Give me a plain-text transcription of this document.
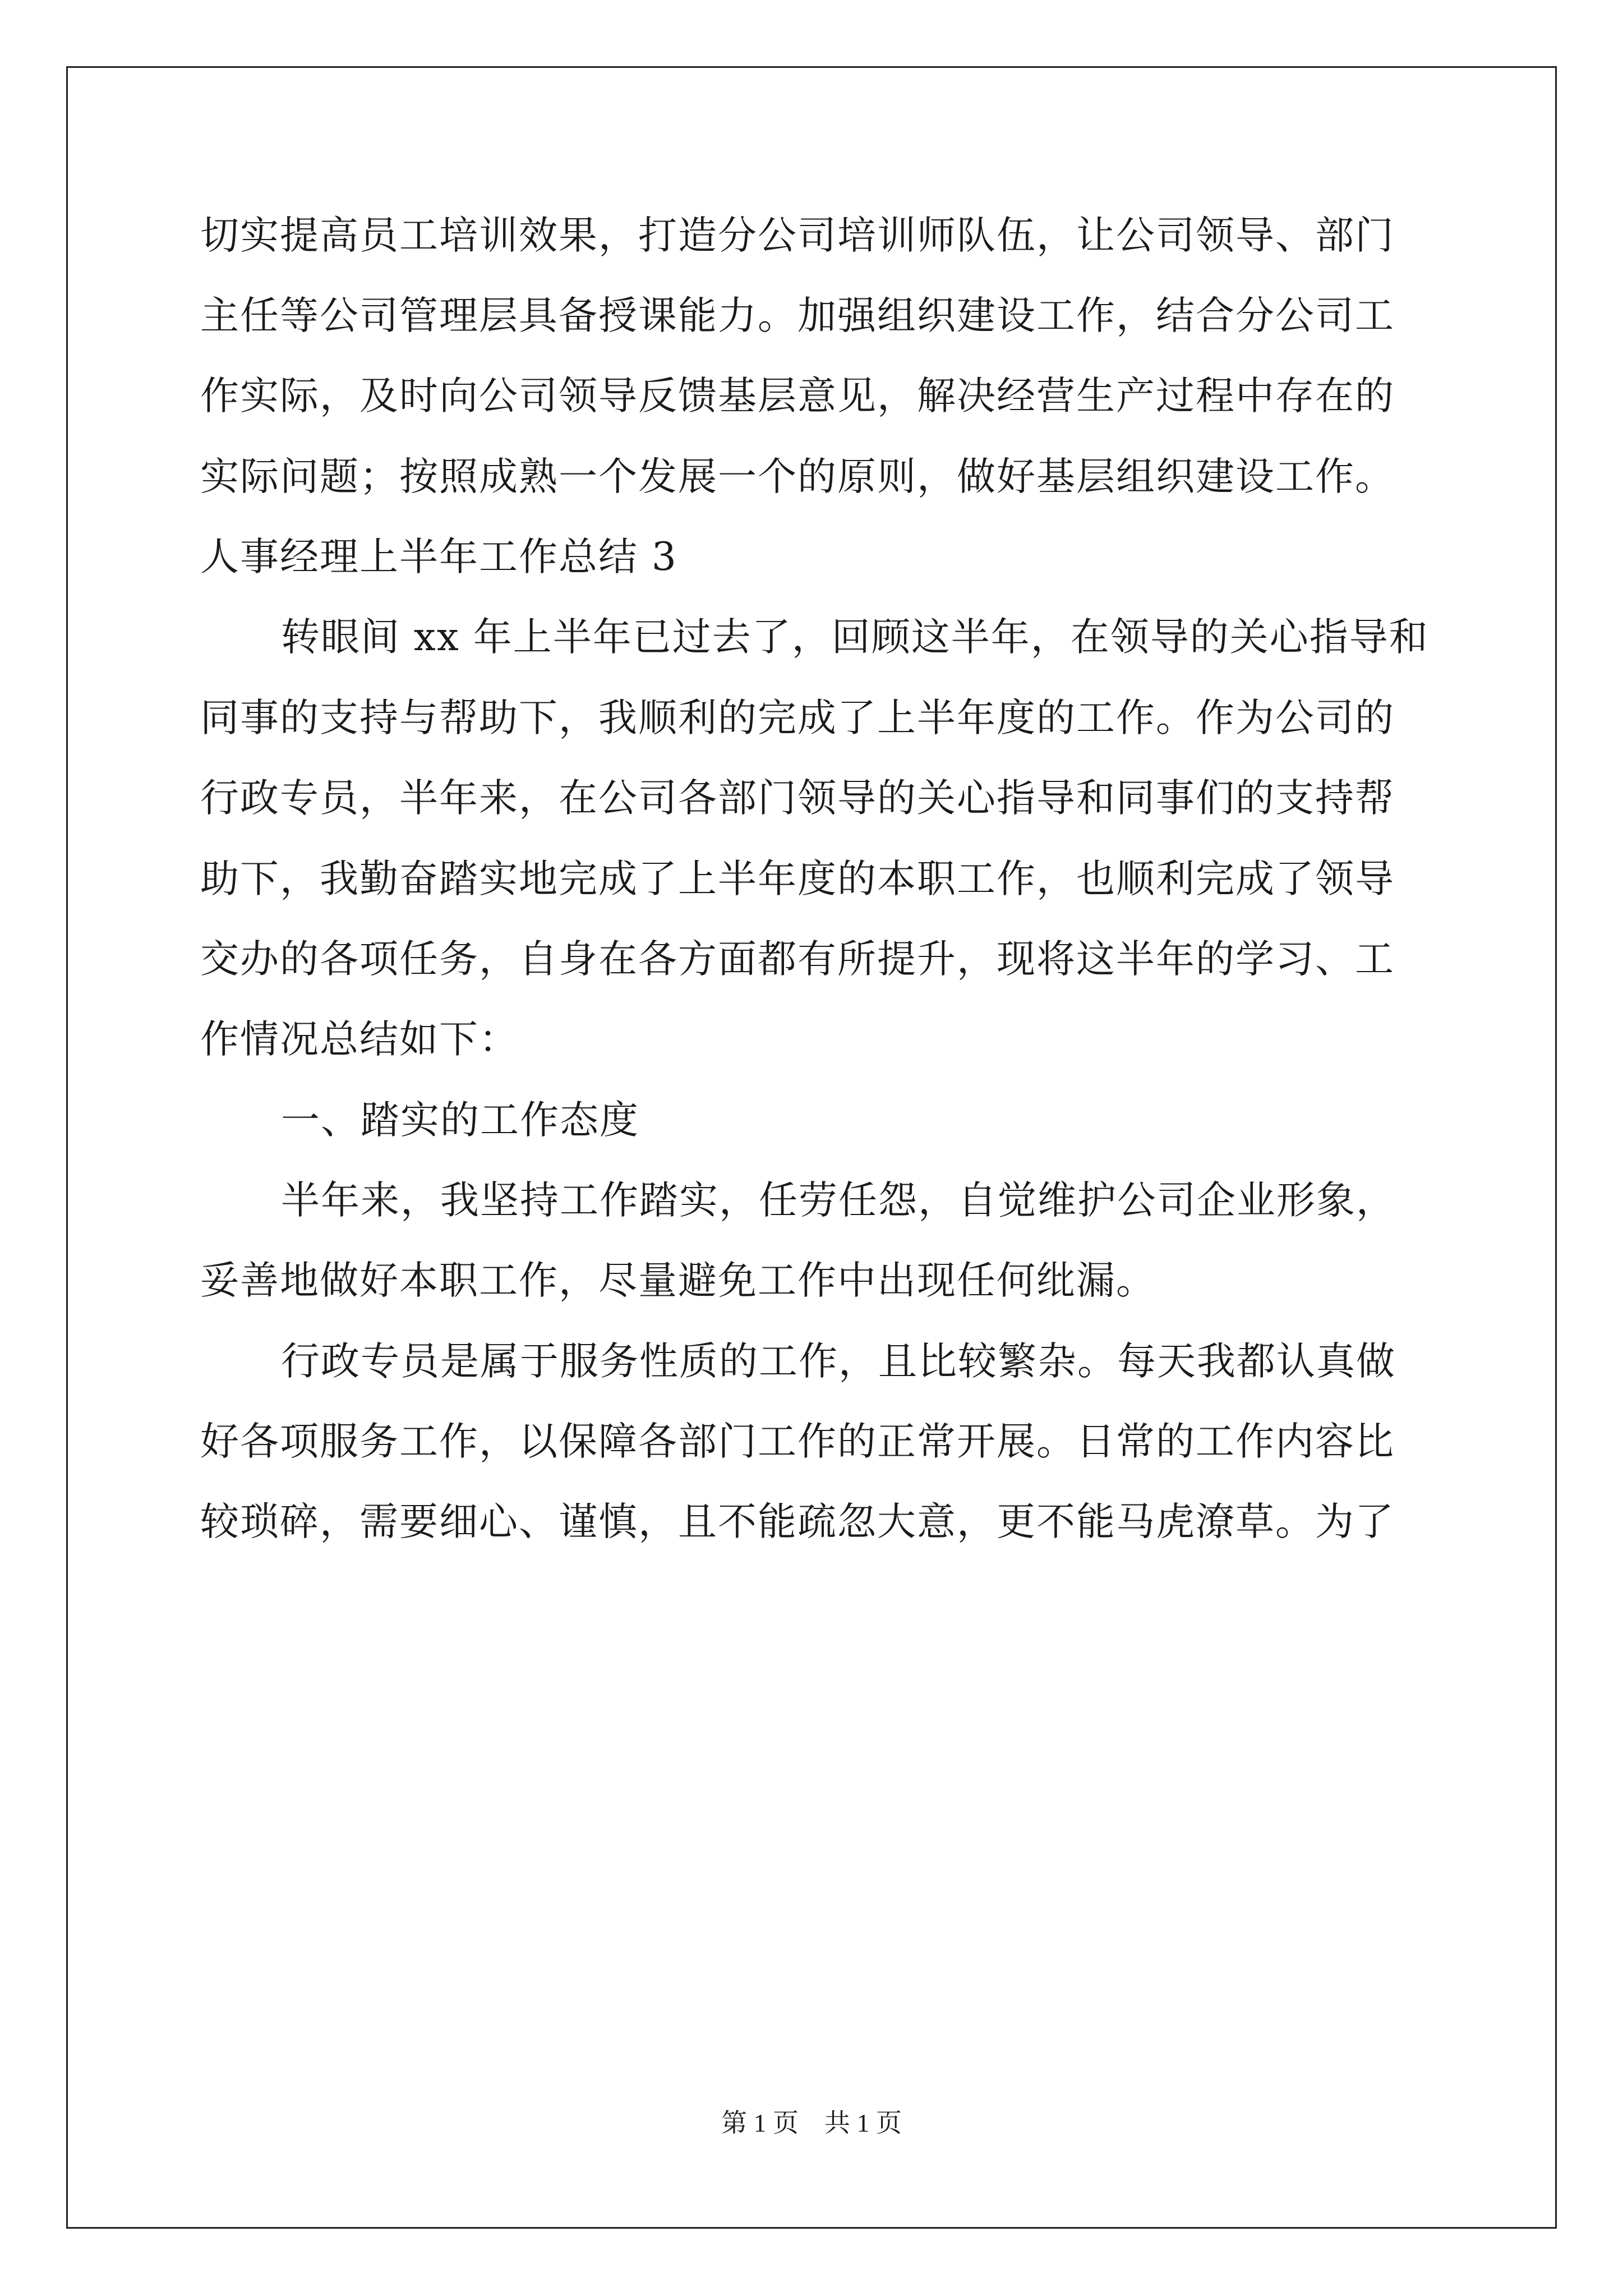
切实提高员工培训效果，打造分公司培训师队伍，让公司领导、部门
主任等公司管理层具备授课能力。加强组织建设工作，结合分公司工
作实际，及时向公司领导反馈基层意见，解决经营生产过程中存在的
实际问题；按照成熟一个发展一个的原则，做好基层组织建设工作。
人事经理上半年工作总结 3
转眼间 xx 年上半年已过去了，回顾这半年，在领导的关心指导和
同事的支持与帮助下，我顺利的完成了上半年度的工作。作为公司的
行政专员，半年来，在公司各部门领导的关心指导和同事们的支持帮
助下，我勤奋踏实地完成了上半年度的本职工作，也顺利完成了领导
交办的各项任务，自身在各方面都有所提升，现将这半年的学习、工
作情况总结如下：
一、踏实的工作态度
半年来，我坚持工作踏实，任劳任怨，自觉维护公司企业形象，
妥善地做好本职工作，尽量避免工作中出现任何纰漏。
行政专员是属于服务性质的工作，且比较繁杂。每天我都认真做
好各项服务工作，以保障各部门工作的正常开展。日常的工作内容比
较琐碎，需要细心、谨慎，且不能疏忽大意，更不能马虎潦草。为了
第 1 页　共 1 页
